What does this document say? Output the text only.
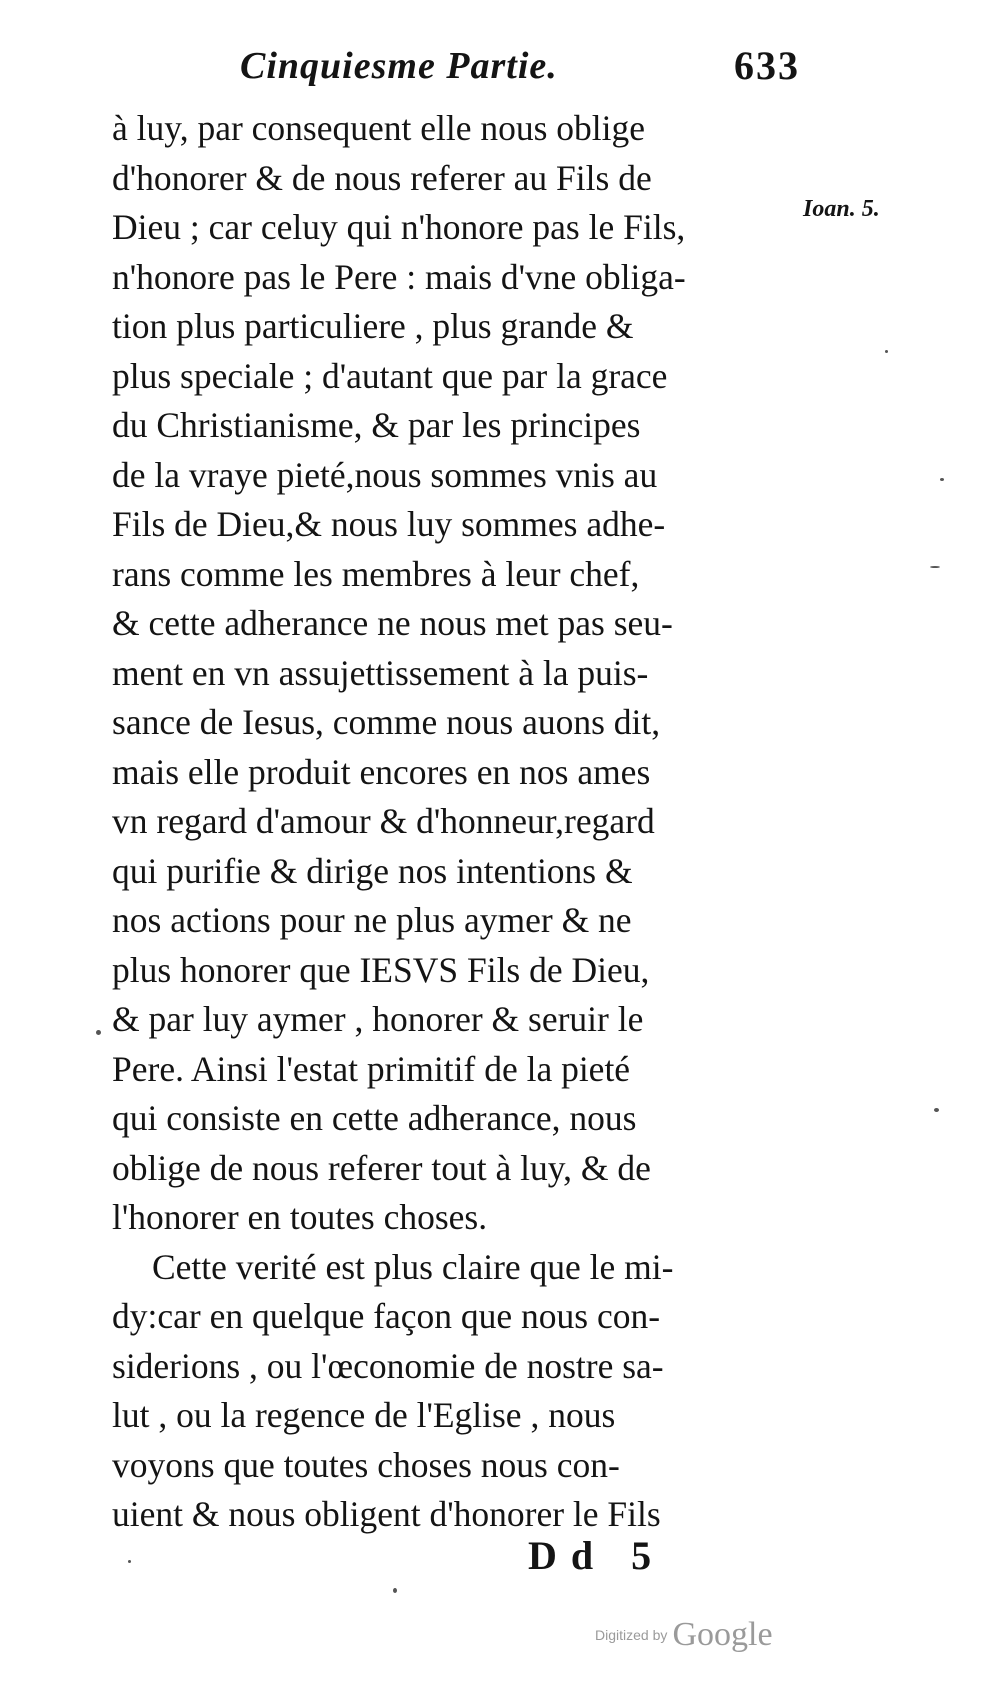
Cinquiesme Partie.	633
Ioan. 5.
à luy, par consequent elle nous oblige
d'honorer & de nous referer au Fils de
Dieu ; car celuy qui n'honore pas le Fils,
n'honore pas le Pere : mais d'vne obliga-
tion plus particuliere , plus grande &
plus speciale ; d'autant que par la grace
du Christianisme, & par les principes
de la vraye pieté,nous sommes vnis au
Fils de Dieu,& nous luy sommes adhe-
rans comme les membres à leur chef,
& cette adherance ne nous met pas seu-
ment en vn assujettissement à la puis-
sance de Iesus, comme nous auons dit,
mais elle produit encores en nos ames
vn regard d'amour & d'honneur,regard
qui purifie & dirige nos intentions &
nos actions pour ne plus aymer & ne
plus honorer que IESVS Fils de Dieu,
& par luy aymer , honorer & seruir le
Pere. Ainsi l'estat primitif de la pieté
qui consiste en cette adherance, nous
oblige de nous referer tout à luy, & de
l'honorer en toutes choses.
Cette verité est plus claire que le mi-
dy:car en quelque façon que nous con-
siderions , ou l'œconomie de nostre sa-
lut , ou la regence de l'Eglise , nous
voyons que toutes choses nous con-
uient & nous obligent d'honorer le Fils
Dd 5
Digitized by Google
